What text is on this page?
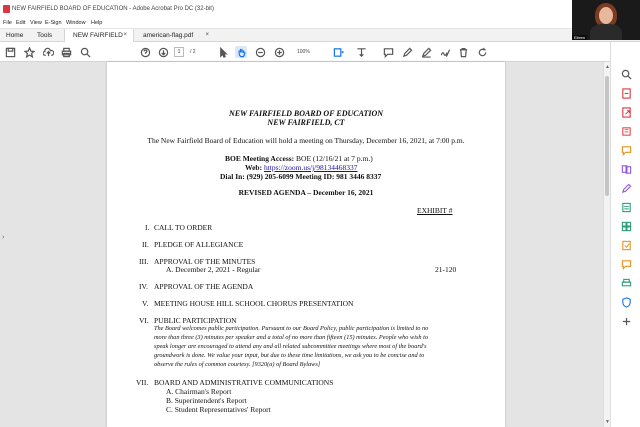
NEW FAIRFIELD BOARD OF EDUCATION - Adobe Acrobat Pro DC (32-bit)
File Edit View E-Sign Window Help
Home Tools	NEW FAIRFIELD ×	american-flag.pdf ×
1	/ 2	100%
Eileen
›
NEW FAIRFIELD BOARD OF EDUCATION
NEW FAIRFIELD, CT
The New Fairfield Board of Education will hold a meeting on Thursday, December 16, 2021, at 7:00 p.m.
BOE Meeting Access: BOE (12/16/21 at 7 p.m.)
Web: https://zoom.us/j/98134468337
Dial In: (929) 205-6099 Meeting ID: 981 3446 8337
REVISED AGENDA – December 16, 2021
EXHIBIT #
I. CALL TO ORDER
II. PLEDGE OF ALLEGIANCE
III. APPROVAL OF THE MINUTES
A. December 2, 2021 - Regular	21-120
IV. APPROVAL OF THE AGENDA
V. MEETING HOUSE HILL SCHOOL CHORUS PRESENTATION
VI. PUBLIC PARTICIPATION
The Board welcomes public participation. Pursuant to our Board Policy, public participation is limited to no
more than three (3) minutes per speaker and a total of no more than fifteen (15) minutes. People who wish to
speak longer are encouraged to attend any and all related subcommittee meetings where most of the board's
groundwork is done. We value your input, but due to these time limitations, we ask you to be concise and to
observe the rules of common courtesy. [9320(a) of Board Bylaws]
VII. BOARD AND ADMINISTRATIVE COMMUNICATIONS
A. Chairman's Report
B. Superintendent's Report
C. Student Representatives' Report
▲
▼
